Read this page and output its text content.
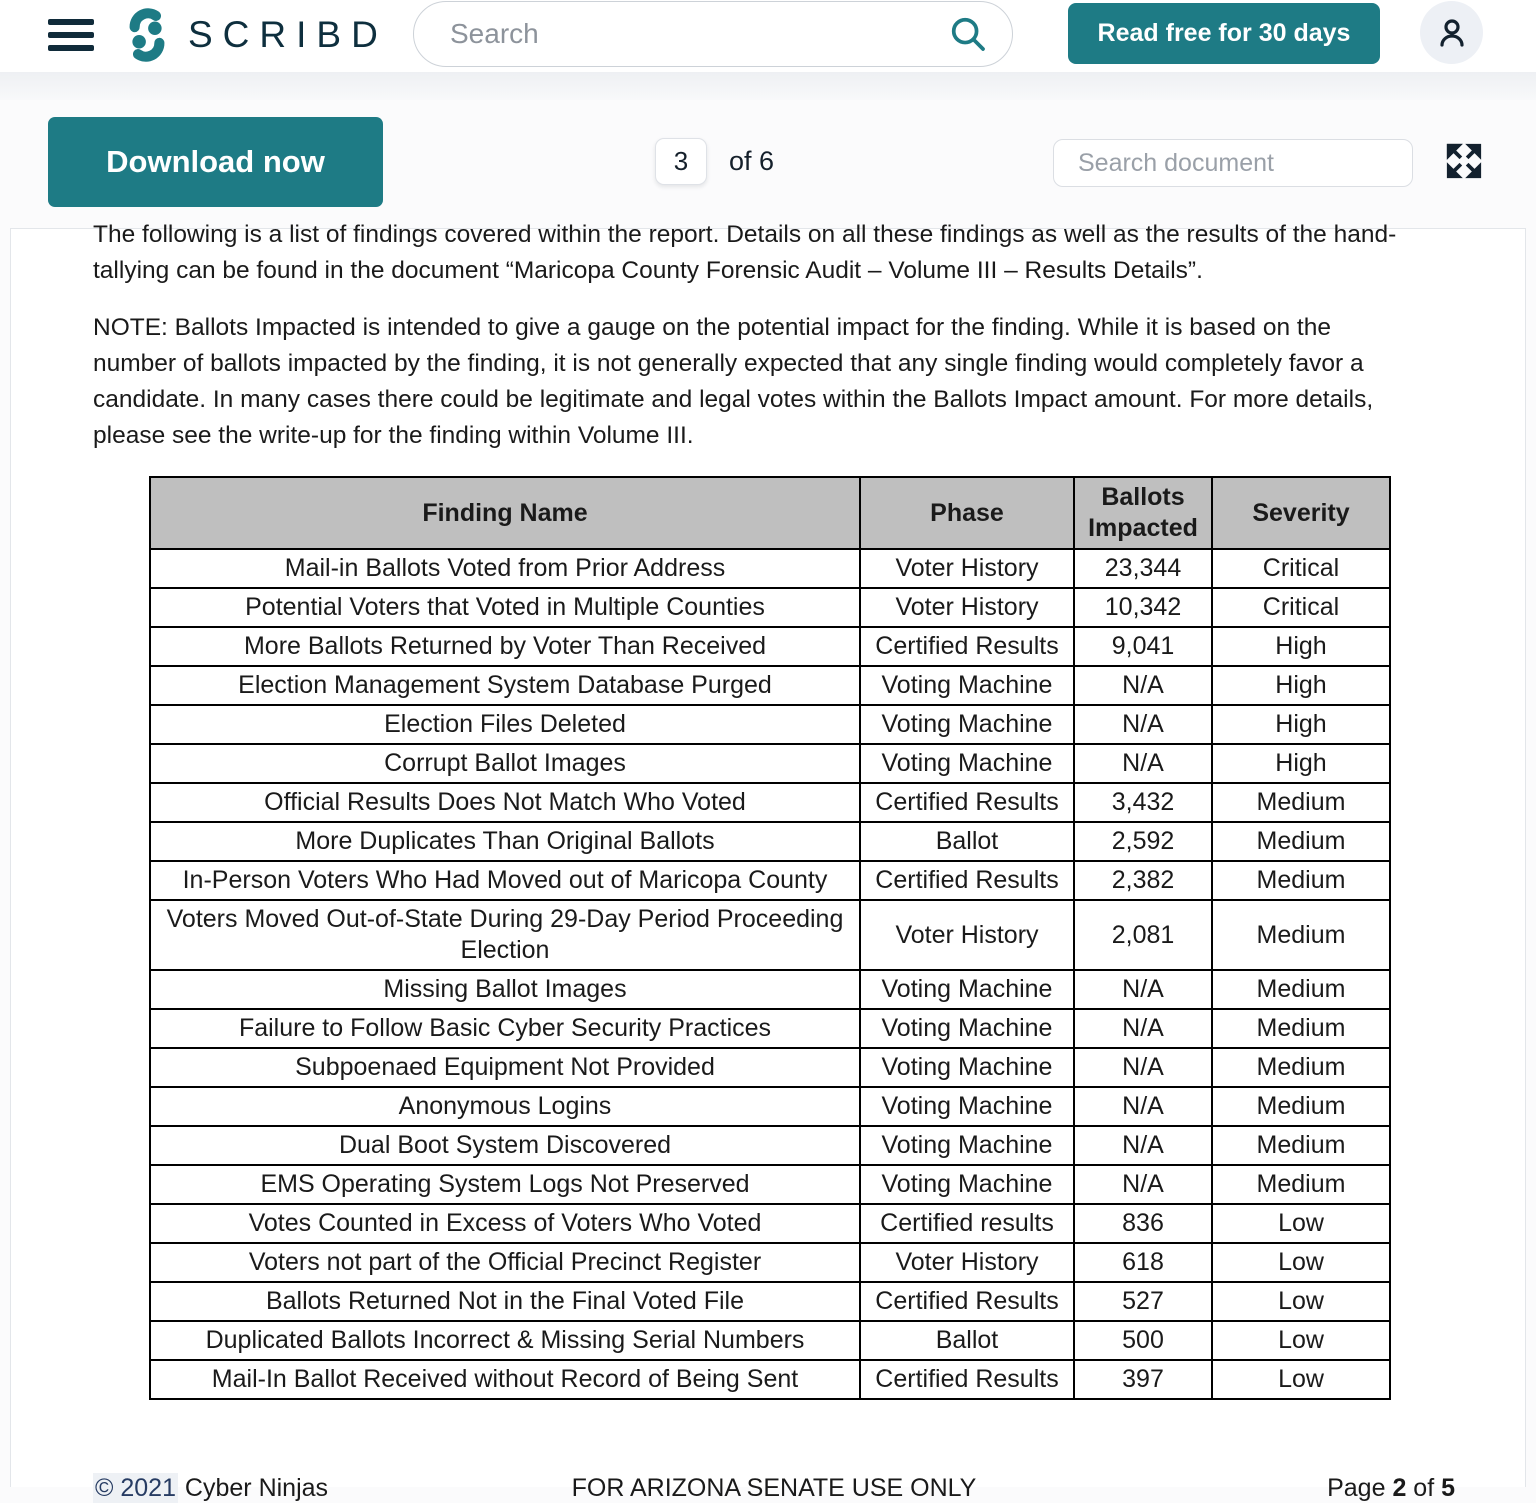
SCRIBD
Search	Read free for 30 days
Download now
3	of 6
Search document
The following is a list of findings covered within the report. Details on all these findings as well as the results of the hand-
tallying can be found in the document “Maricopa County Forensic Audit – Volume III – Results Details”.
NOTE: Ballots Impacted is intended to give a gauge on the potential impact for the finding. While it is based on the
number of ballots impacted by the finding, it is not generally expected that any single finding would completely favor a
candidate. In many cases there could be legitimate and legal votes within the Ballots Impact amount. For more details,
please see the write-up for the finding within Volume III.
Finding Name	Phase	Ballots Impacted	Severity
Mail-in Ballots Voted from Prior Address	Voter History	23,344	Critical
Potential Voters that Voted in Multiple Counties	Voter History	10,342	Critical
More Ballots Returned by Voter Than Received	Certified Results	9,041	High
Election Management System Database Purged	Voting Machine	N/A	High
Election Files Deleted	Voting Machine	N/A	High
Corrupt Ballot Images	Voting Machine	N/A	High
Official Results Does Not Match Who Voted	Certified Results	3,432	Medium
More Duplicates Than Original Ballots	Ballot	2,592	Medium
In-Person Voters Who Had Moved out of Maricopa County	Certified Results	2,382	Medium
Voters Moved Out-of-State During 29-Day Period Proceeding Election	Voter History	2,081	Medium
Missing Ballot Images	Voting Machine	N/A	Medium
Failure to Follow Basic Cyber Security Practices	Voting Machine	N/A	Medium
Subpoenaed Equipment Not Provided	Voting Machine	N/A	Medium
Anonymous Logins	Voting Machine	N/A	Medium
Dual Boot System Discovered	Voting Machine	N/A	Medium
EMS Operating System Logs Not Preserved	Voting Machine	N/A	Medium
Votes Counted in Excess of Voters Who Voted	Certified results	836	Low
Voters not part of the Official Precinct Register	Voter History	618	Low
Ballots Returned Not in the Final Voted File	Certified Results	527	Low
Duplicated Ballots Incorrect & Missing Serial Numbers	Ballot	500	Low
Mail-In Ballot Received without Record of Being Sent	Certified Results	397	Low
© 2021 Cyber Ninjas	FOR ARIZONA SENATE USE ONLY	Page 2 of 5
